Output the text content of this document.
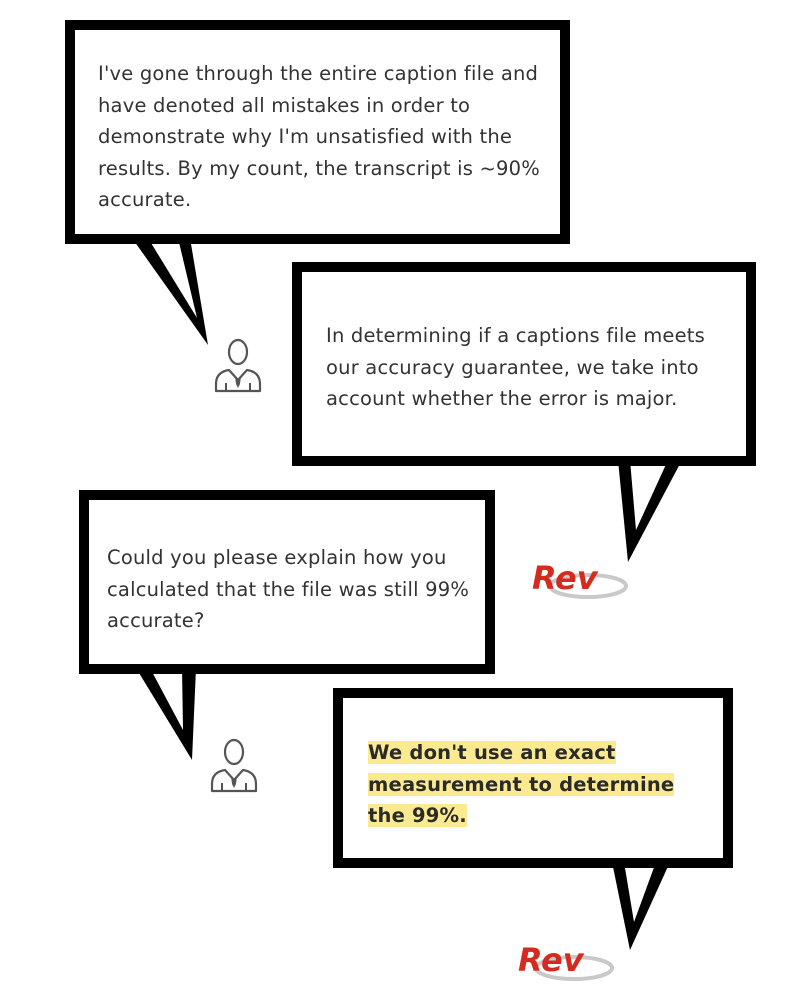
I've gone through the entire caption file and have denoted all mistakes in order to demonstrate why I'm unsatisfied with the results. By my count, the transcript is ~90% accurate.

In determining if a captions file meets our accuracy guarantee, we take into account whether the error is major.

Could you please explain how you calculated that the file was still 99% accurate?

We don't use an exact measurement to determine the 99%.

Rev
Rev
